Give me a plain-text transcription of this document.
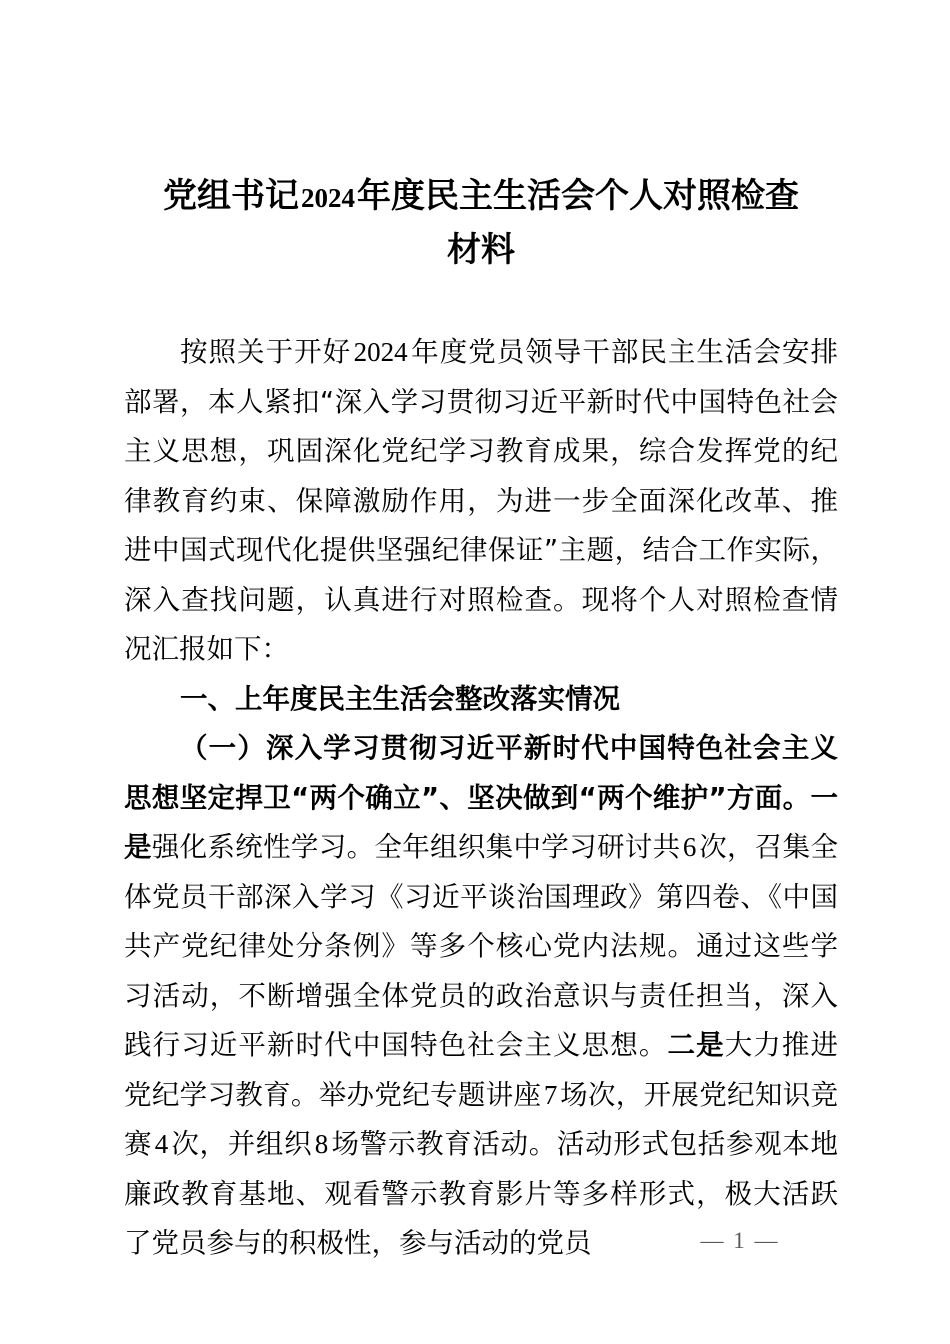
党组书记2024年度民主生活会个人对照检查
材料

按照关于开好2024年度党员领导干部民主生活会安排部署，本人紧扣“深入学习贯彻习近平新时代中国特色社会主义思想，巩固深化党纪学习教育成果，综合发挥党的纪律教育约束、保障激励作用，为进一步全面深化改革、推进中国式现代化提供坚强纪律保证”主题，结合工作实际，深入查找问题，认真进行对照检查。现将个人对照检查情况汇报如下：

一、上年度民主生活会整改落实情况

（一）深入学习贯彻习近平新时代中国特色社会主义思想坚定捍卫“两个确立”、坚决做到“两个维护”方面。一是强化系统性学习。全年组织集中学习研讨共6次，召集全体党员干部深入学习《习近平谈治国理政》第四卷、《中国共产党纪律处分条例》等多个核心党内法规。通过这些学习活动，不断增强全体党员的政治意识与责任担当，深入践行习近平新时代中国特色社会主义思想。二是大力推进党纪学习教育。举办党纪专题讲座7场次，开展党纪知识竞赛4次，并组织8场警示教育活动。活动形式包括参观本地廉政教育基地、观看警示教育影片等多样形式，极大活跃了党员参与的积极性，参与活动的党员	— 1 —
